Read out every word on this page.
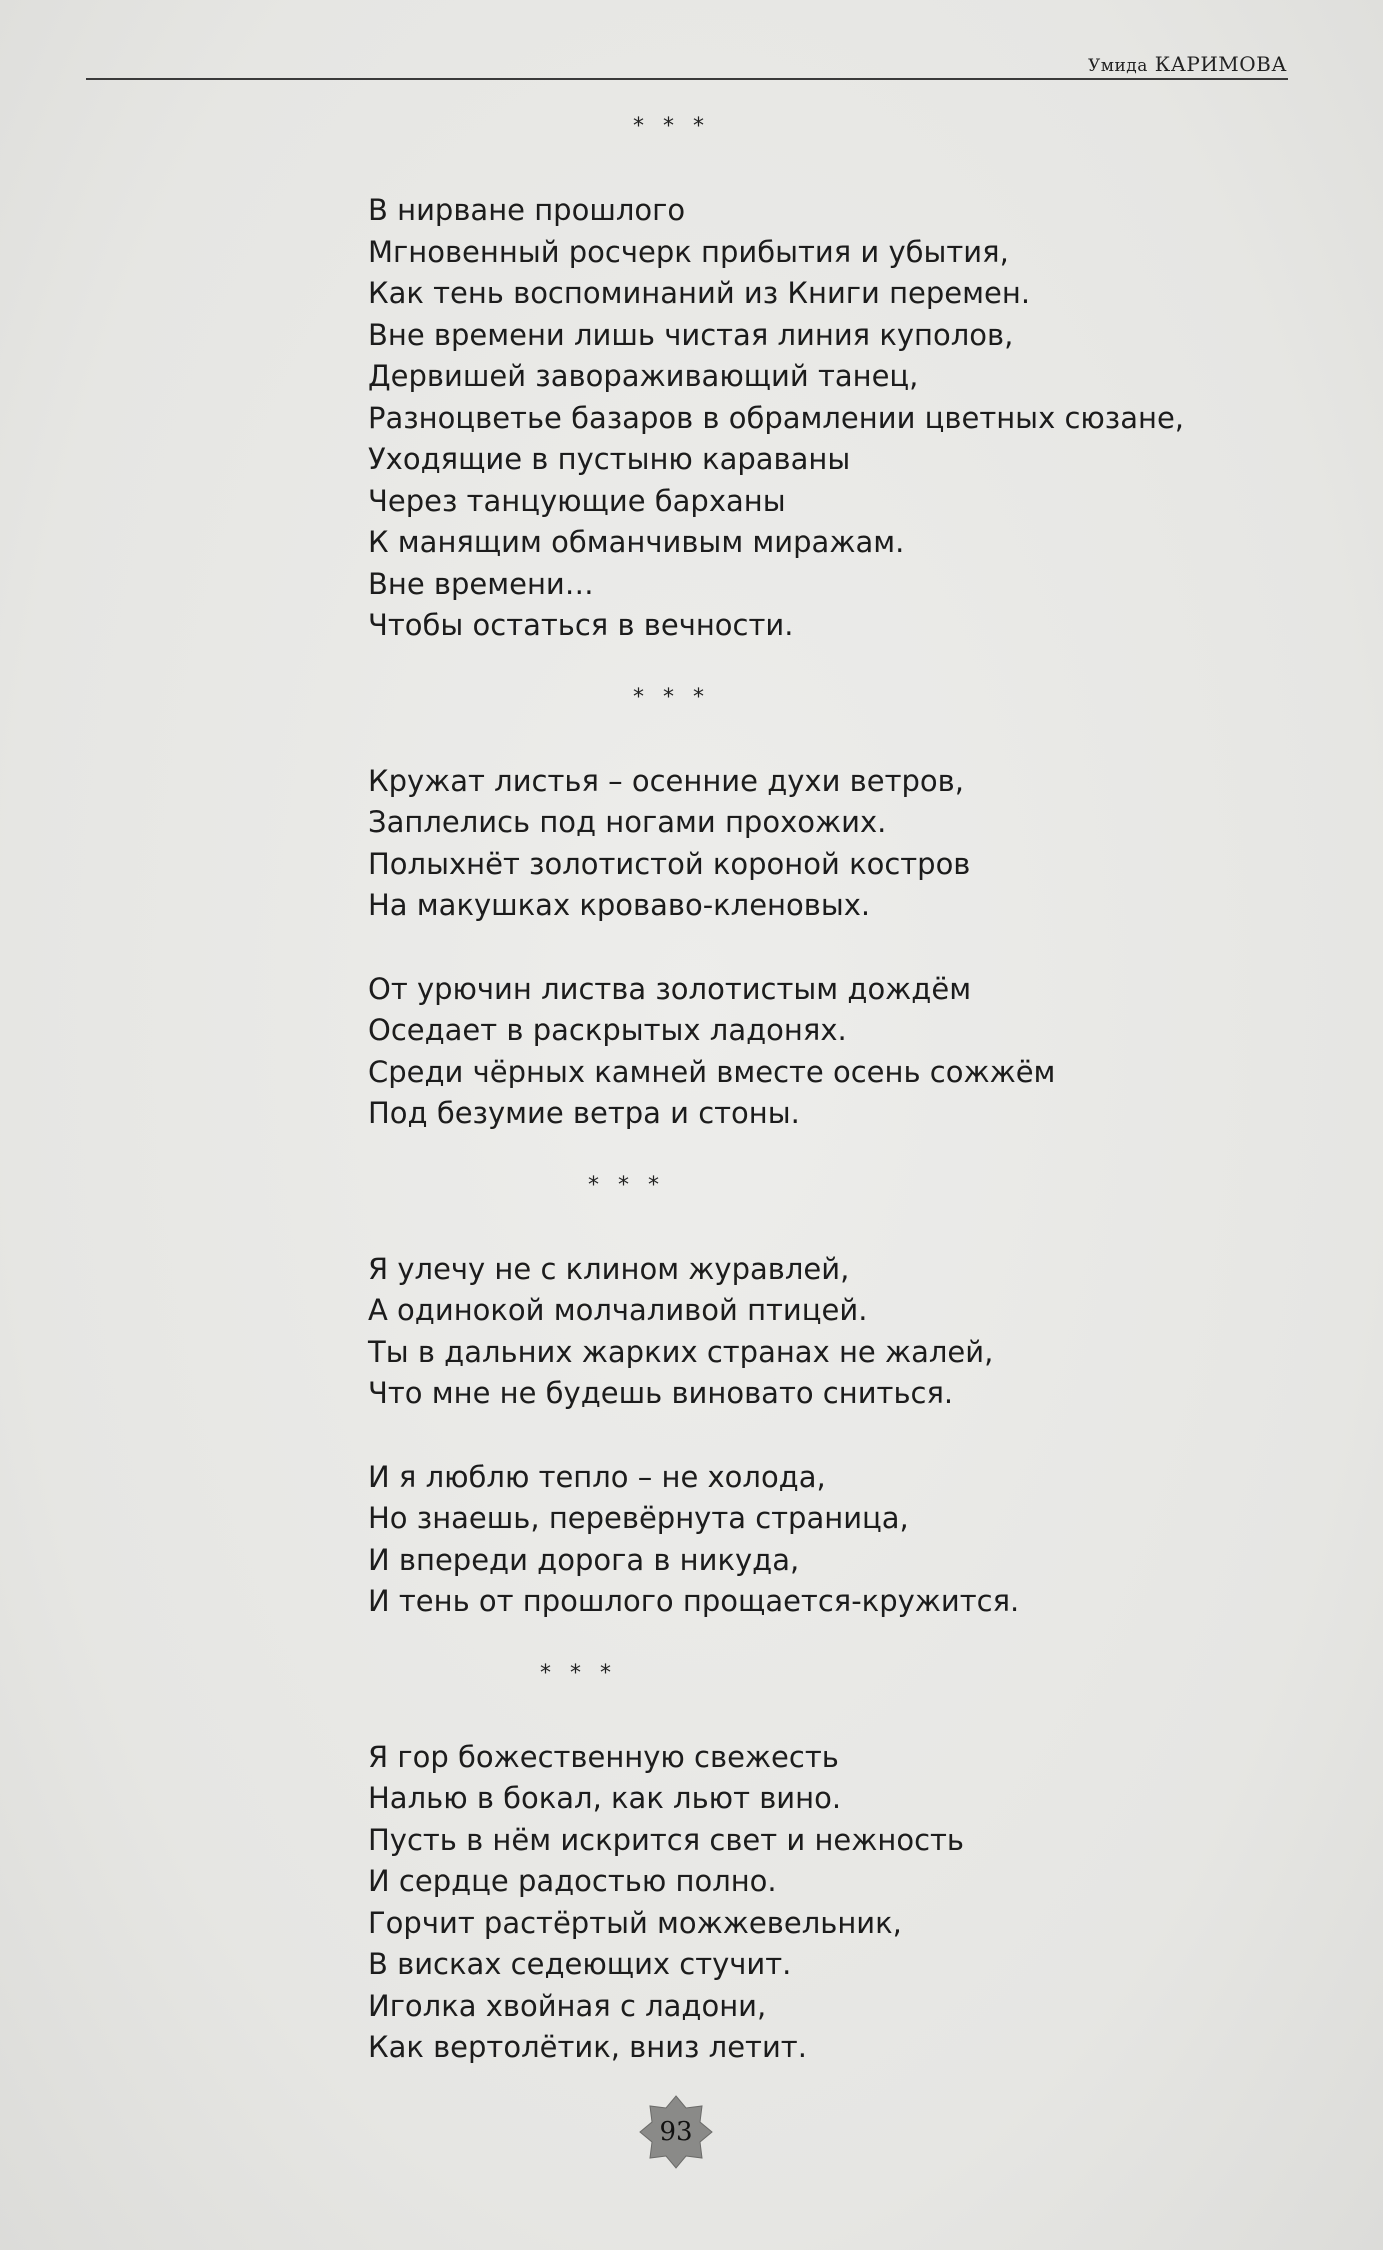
Умида КАРИМОВА
* * *
В нирване прошлого
Мгновенный росчерк прибытия и убытия,
Как тень воспоминаний из Книги перемен.
Вне времени лишь чистая линия куполов,
Дервишей завораживающий танец,
Разноцветье базаров в обрамлении цветных сюзане,
Уходящие в пустыню караваны
Через танцующие барханы
К манящим обманчивым миражам.
Вне времени…
Чтобы остаться в вечности.
* * *
Кружат листья – осенние духи ветров,
Заплелись под ногами прохожих.
Полыхнёт золотистой короной костров
На макушках кроваво-кленовых.
От урючин листва золотистым дождём
Оседает в раскрытых ладонях.
Среди чёрных камней вместе осень сожжём
Под безумие ветра и стоны.
* * *
Я улечу не с клином журавлей,
А одинокой молчаливой птицей.
Ты в дальних жарких странах не жалей,
Что мне не будешь виновато сниться.
И я люблю тепло – не холода,
Но знаешь, перевёрнута страница,
И впереди дорога в никуда,
И тень от прошлого прощается-кружится.
* * *
Я гор божественную свежесть
Налью в бокал, как льют вино.
Пусть в нём искрится свет и нежность
И сердце радостью полно.
Горчит растёртый можжевельник,
В висках седеющих стучит.
Иголка хвойная с ладони,
Как вертолётик, вниз летит.
93
